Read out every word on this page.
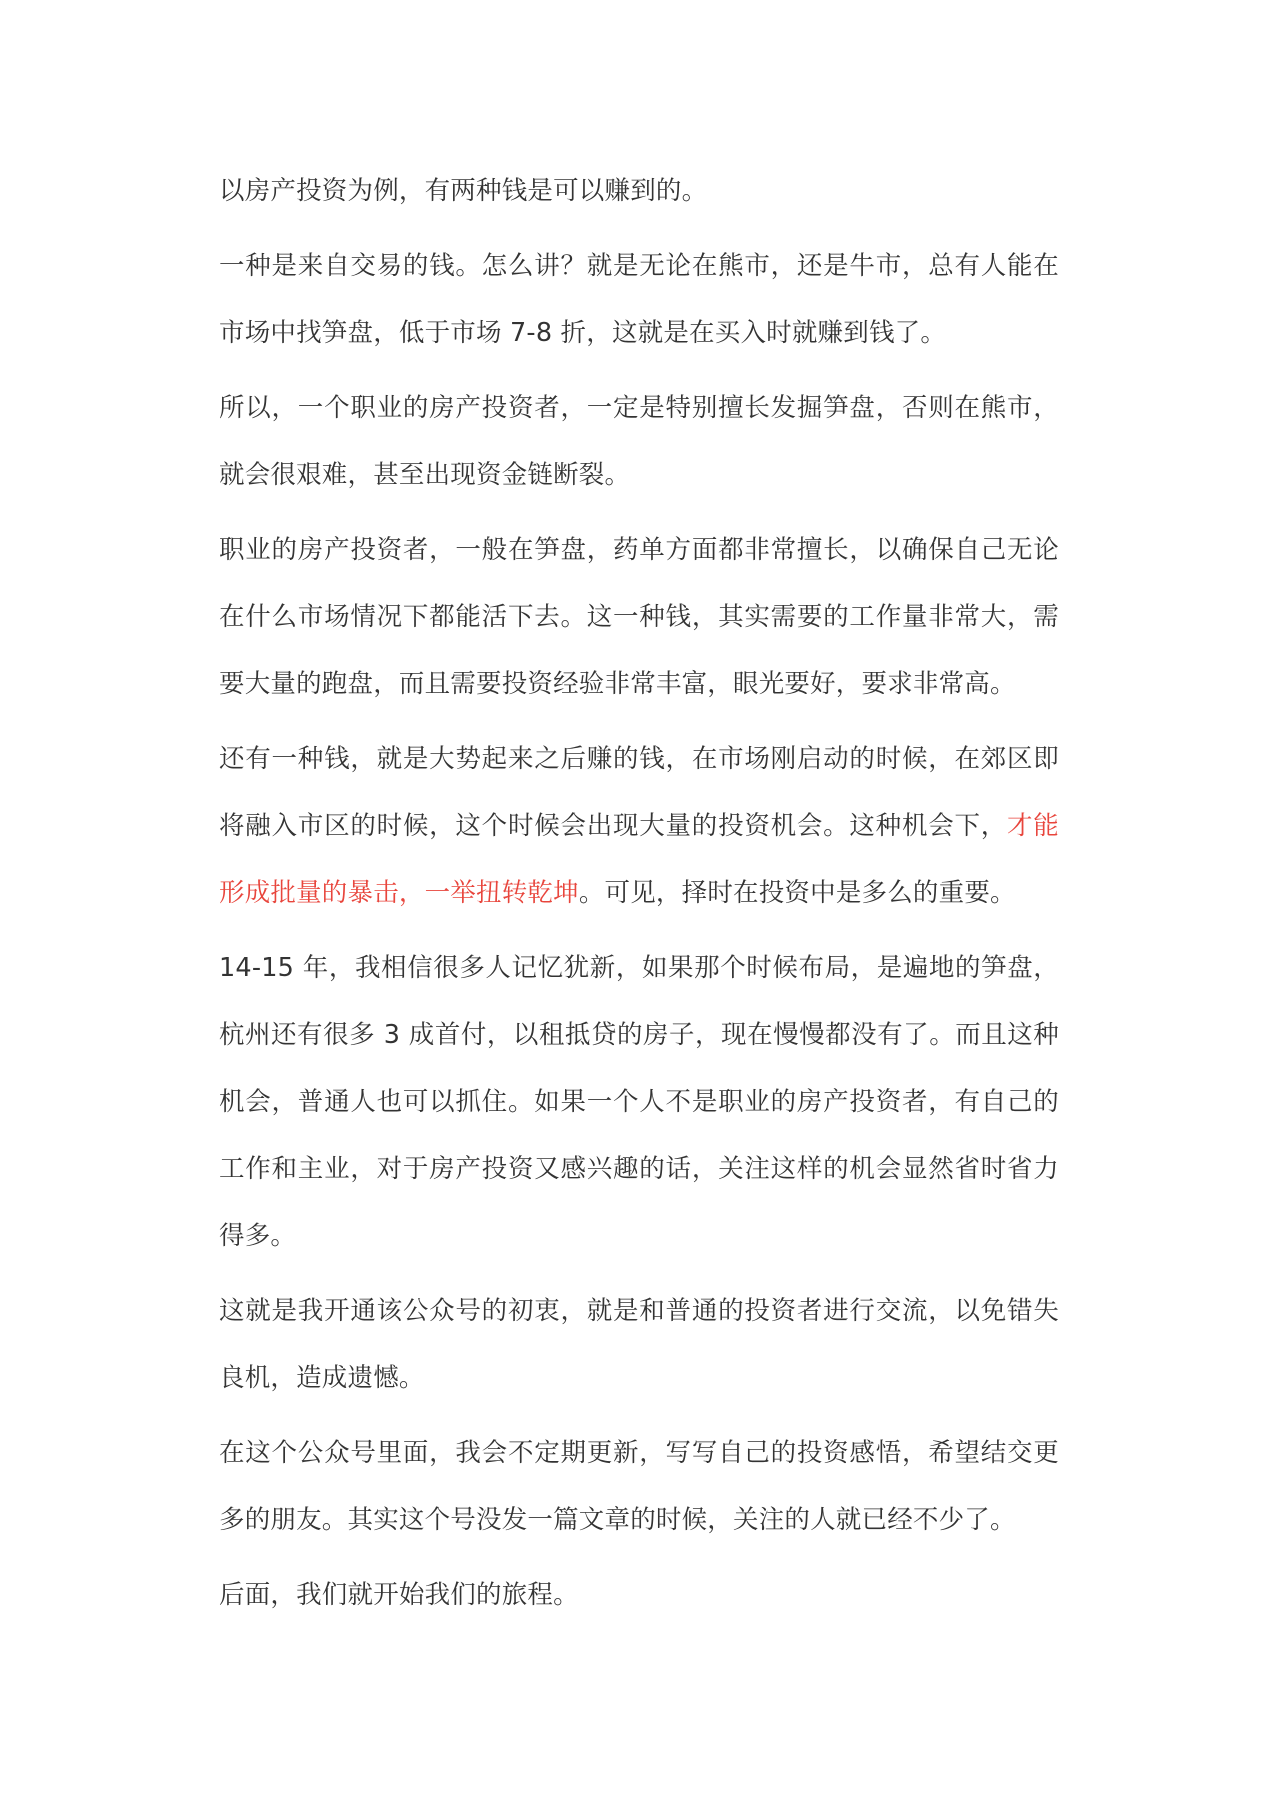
以房产投资为例，有两种钱是可以赚到的。

一种是来自交易的钱。怎么讲？就是无论在熊市，还是牛市，总有人能在市场中找笋盘，低于市场 7-8 折，这就是在买入时就赚到钱了。

所以，一个职业的房产投资者，一定是特别擅长发掘笋盘，否则在熊市，就会很艰难，甚至出现资金链断裂。

职业的房产投资者，一般在笋盘，药单方面都非常擅长，以确保自己无论在什么市场情况下都能活下去。这一种钱，其实需要的工作量非常大，需要大量的跑盘，而且需要投资经验非常丰富，眼光要好，要求非常高。

还有一种钱，就是大势起来之后赚的钱，在市场刚启动的时候，在郊区即将融入市区的时候，这个时候会出现大量的投资机会。这种机会下，才能形成批量的暴击，一举扭转乾坤。可见，择时在投资中是多么的重要。

14-15 年，我相信很多人记忆犹新，如果那个时候布局，是遍地的笋盘，杭州还有很多 3 成首付，以租抵贷的房子，现在慢慢都没有了。而且这种机会，普通人也可以抓住。如果一个人不是职业的房产投资者，有自己的工作和主业，对于房产投资又感兴趣的话，关注这样的机会显然省时省力得多。

这就是我开通该公众号的初衷，就是和普通的投资者进行交流，以免错失良机，造成遗憾。

在这个公众号里面，我会不定期更新，写写自己的投资感悟，希望结交更多的朋友。其实这个号没发一篇文章的时候，关注的人就已经不少了。

后面，我们就开始我们的旅程。
